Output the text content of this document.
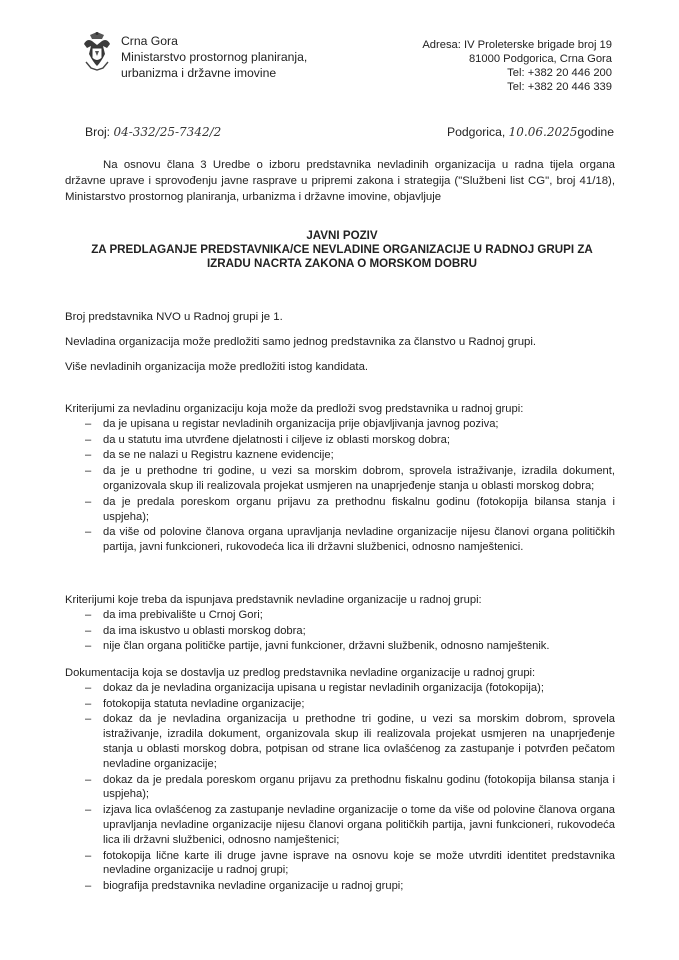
Crna Gora
Ministarstvo prostornog planiranja,
urbanizma i državne imovine
Adresa: IV Proleterske brigade broj 19
81000 Podgorica, Crna Gora
Tel: +382 20 446 200
Tel: +382 20 446 339
Broj: 04-332/25-7342/2	Podgorica, 10.06.2025godine
Na osnovu člana 3 Uredbe o izboru predstavnika nevladinih organizacija u radna tijela organa državne uprave i sprovođenju javne rasprave u pripremi zakona i strategija ("Službeni list CG", broj 41/18), Ministarstvo prostornog planiranja, urbanizma i državne imovine, objavljuje
JAVNI POZIV
ZA PREDLAGANJE PREDSTAVNIKA/CE NEVLADINE ORGANIZACIJE U RADNOJ GRUPI ZA
IZRADU NACRTA ZAKONA O MORSKOM DOBRU
Broj predstavnika NVO u Radnoj grupi je 1.
Nevladina organizacija može predložiti samo jednog predstavnika za članstvo u Radnoj grupi.
Više nevladinih organizacija može predložiti istog kandidata.
Kriterijumi za nevladinu organizaciju koja može da predloži svog predstavnika u radnoj grupi:
– da je upisana u registar nevladinih organizacija prije objavljivanja javnog poziva;
– da u statutu ima utvrđene djelatnosti i ciljeve iz oblasti morskog dobra;
– da se ne nalazi u Registru kaznene evidencije;
– da je u prethodne tri godine, u vezi sa morskim dobrom, sprovela istraživanje, izradila dokument, organizovala skup ili realizovala projekat usmjeren na unaprjeđenje stanja u oblasti morskog dobra;
– da je predala poreskom organu prijavu za prethodnu fiskalnu godinu (fotokopija bilansa stanja i uspjeha);
– da više od polovine članova organa upravljanja nevladine organizacije nijesu članovi organa političkih partija, javni funkcioneri, rukovodeća lica ili državni službenici, odnosno namještenici.
Kriterijumi koje treba da ispunjava predstavnik nevladine organizacije u radnoj grupi:
– da ima prebivalište u Crnoj Gori;
– da ima iskustvo u oblasti morskog dobra;
– nije član organa političke partije, javni funkcioner, državni službenik, odnosno namještenik.
Dokumentacija koja se dostavlja uz predlog predstavnika nevladine organizacije u radnoj grupi:
– dokaz da je nevladina organizacija upisana u registar nevladinih organizacija (fotokopija);
– fotokopija statuta nevladine organizacije;
– dokaz da je nevladina organizacija u prethodne tri godine, u vezi sa morskim dobrom, sprovela istraživanje, izradila dokument, organizovala skup ili realizovala projekat usmjeren na unaprjeđenje stanja u oblasti morskog dobra, potpisan od strane lica ovlašćenog za zastupanje i potvrđen pečatom nevladine organizacije;
– dokaz da je predala poreskom organu prijavu za prethodnu fiskalnu godinu (fotokopija bilansa stanja i uspjeha);
– izjava lica ovlašćenog za zastupanje nevladine organizacije o tome da više od polovine članova organa upravljanja nevladine organizacije nijesu članovi organa političkih partija, javni funkcioneri, rukovodeća lica ili državni službenici, odnosno namještenici;
– fotokopija lične karte ili druge javne isprave na osnovu koje se može utvrditi identitet predstavnika nevladine organizacije u radnoj grupi;
– biografija predstavnika nevladine organizacije u radnoj grupi;
